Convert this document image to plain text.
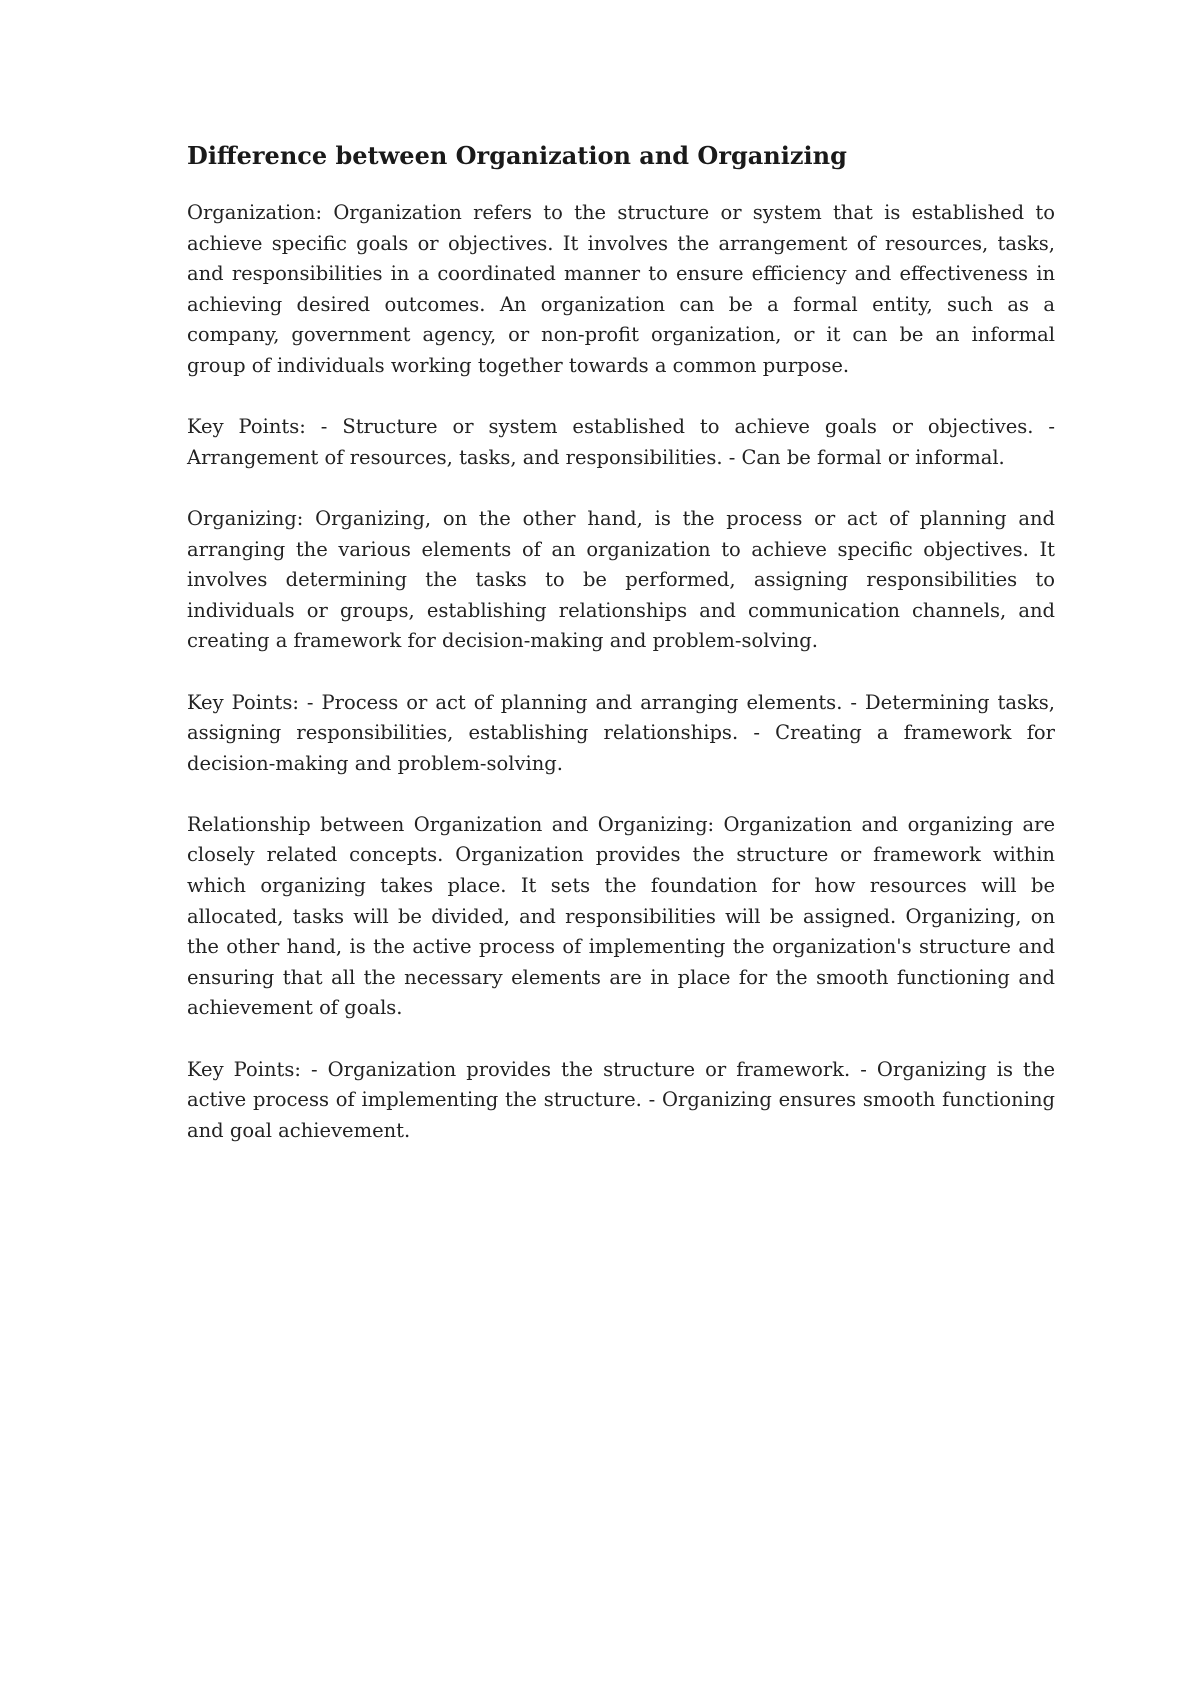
Difference between Organization and Organizing

Organization: Organization refers to the structure or system that is established to achieve specific goals or objectives. It involves the arrangement of resources, tasks, and responsibilities in a coordinated manner to ensure efficiency and effectiveness in achieving desired outcomes. An organization can be a formal entity, such as a company, government agency, or non-profit organization, or it can be an informal group of individuals working together towards a common purpose.

Key Points: - Structure or system established to achieve goals or objectives. - Arrangement of resources, tasks, and responsibilities. - Can be formal or informal.

Organizing: Organizing, on the other hand, is the process or act of planning and arranging the various elements of an organization to achieve specific objectives. It involves determining the tasks to be performed, assigning responsibilities to individuals or groups, establishing relationships and communication channels, and creating a framework for decision-making and problem-solving.

Key Points: - Process or act of planning and arranging elements. - Determining tasks, assigning responsibilities, establishing relationships. - Creating a framework for decision-making and problem-solving.

Relationship between Organization and Organizing: Organization and organizing are closely related concepts. Organization provides the structure or framework within which organizing takes place. It sets the foundation for how resources will be allocated, tasks will be divided, and responsibilities will be assigned. Organizing, on the other hand, is the active process of implementing the organization's structure and ensuring that all the necessary elements are in place for the smooth functioning and achievement of goals.

Key Points: - Organization provides the structure or framework. - Organizing is the active process of implementing the structure. - Organizing ensures smooth functioning and goal achievement.
